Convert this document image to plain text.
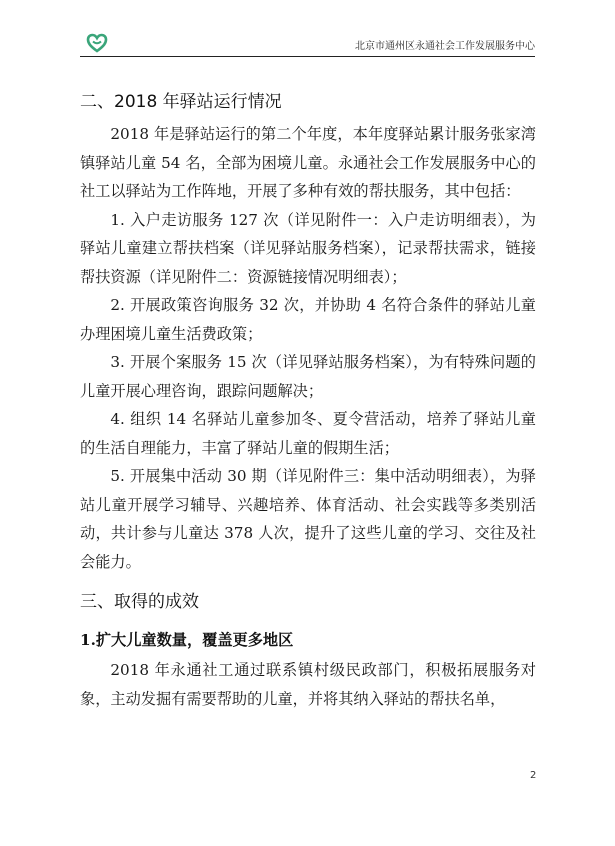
北京市通州区永通社会工作发展服务中心
二、2018 年驿站运行情况

2018 年是驿站运行的第二个年度，本年度驿站累计服务张家湾镇驿站儿童 54 名，全部为困境儿童。永通社会工作发展服务中心的社工以驿站为工作阵地，开展了多种有效的帮扶服务，其中包括：

1. 入户走访服务 127 次（详见附件一：入户走访明细表），为驿站儿童建立帮扶档案（详见驿站服务档案），记录帮扶需求，链接帮扶资源（详见附件二：资源链接情况明细表）；

2. 开展政策咨询服务 32 次，并协助 4 名符合条件的驿站儿童办理困境儿童生活费政策；

3. 开展个案服务 15 次（详见驿站服务档案），为有特殊问题的儿童开展心理咨询，跟踪问题解决；

4. 组织 14 名驿站儿童参加冬、夏令营活动，培养了驿站儿童的生活自理能力，丰富了驿站儿童的假期生活；

5. 开展集中活动 30 期（详见附件三：集中活动明细表），为驿站儿童开展学习辅导、兴趣培养、体育活动、社会实践等多类别活动，共计参与儿童达 378 人次，提升了这些儿童的学习、交往及社会能力。

三、取得的成效

1.扩大儿童数量，覆盖更多地区

2018 年永通社工通过联系镇村级民政部门，积极拓展服务对象，主动发掘有需要帮助的儿童，并将其纳入驿站的帮扶名单，

2
